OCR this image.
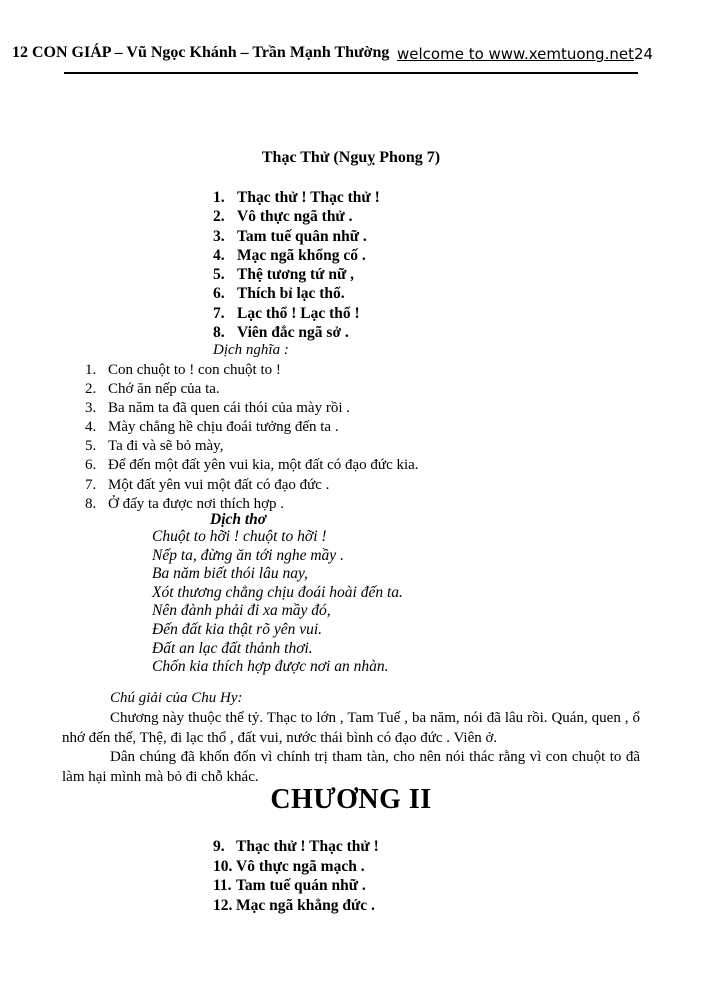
12 CON GIÁP – Vũ Ngọc Khánh – Trần Mạnh Thường welcome to www.xemtuong.net24
Thạc Thử (Nguỵ Phong 7)
1. Thạc thử ! Thạc thử !
2. Vô thực ngã thử .
3. Tam tuế quân nhữ .
4. Mạc ngã khổng cố .
5. Thệ tương tứ nữ ,
6. Thích bỉ lạc thổ.
7. Lạc thổ ! Lạc thổ !
8. Viên đắc ngã sở .
Dịch nghĩa :
1. Con chuột to ! con chuột to !
2. Chớ ăn nếp của ta.
3. Ba năm ta đã quen cái thói của mày rồi .
4. Mày chẳng hề chịu đoái tưởng đến ta .
5. Ta đi và sẽ bỏ mày,
6. Để đến một đất yên vui kia, một đất có đạo đức kia.
7. Một đất yên vui một đất có đạo đức .
8. Ở đấy ta được nơi thích hợp .
Dịch thơ
Chuột to hỡi ! chuột to hỡi !
Nếp ta, đừng ăn tới nghe mầy .
Ba năm biết thói lâu nay,
Xót thương chẳng chịu đoái hoài đến ta.
Nên đành phải đi xa mầy đó,
Đến đất kia thật rõ yên vui.
Đất an lạc đất thảnh thơi.
Chốn kia thích hợp được nơi an nhàn.
Chú giải của Chu Hy:
Chương này thuộc thể tỷ. Thạc to lớn , Tam Tuế , ba năm, nói đã lâu rồi. Quán, quen , ổ nhớ đến thế, Thệ, đi lạc thổ , đất vui, nước thái bình có đạo đức . Viên ở.
Dân chúng đã khốn đốn vì chính trị tham tàn, cho nên nói thác rằng vì con chuột to đã làm hại mình mà bỏ đi chỗ khác.
CHƯƠNG II
9. Thạc thử ! Thạc thử !
10. Vô thực ngã mạch .
11. Tam tuế quán nhữ .
12. Mạc ngã khẳng đức .
